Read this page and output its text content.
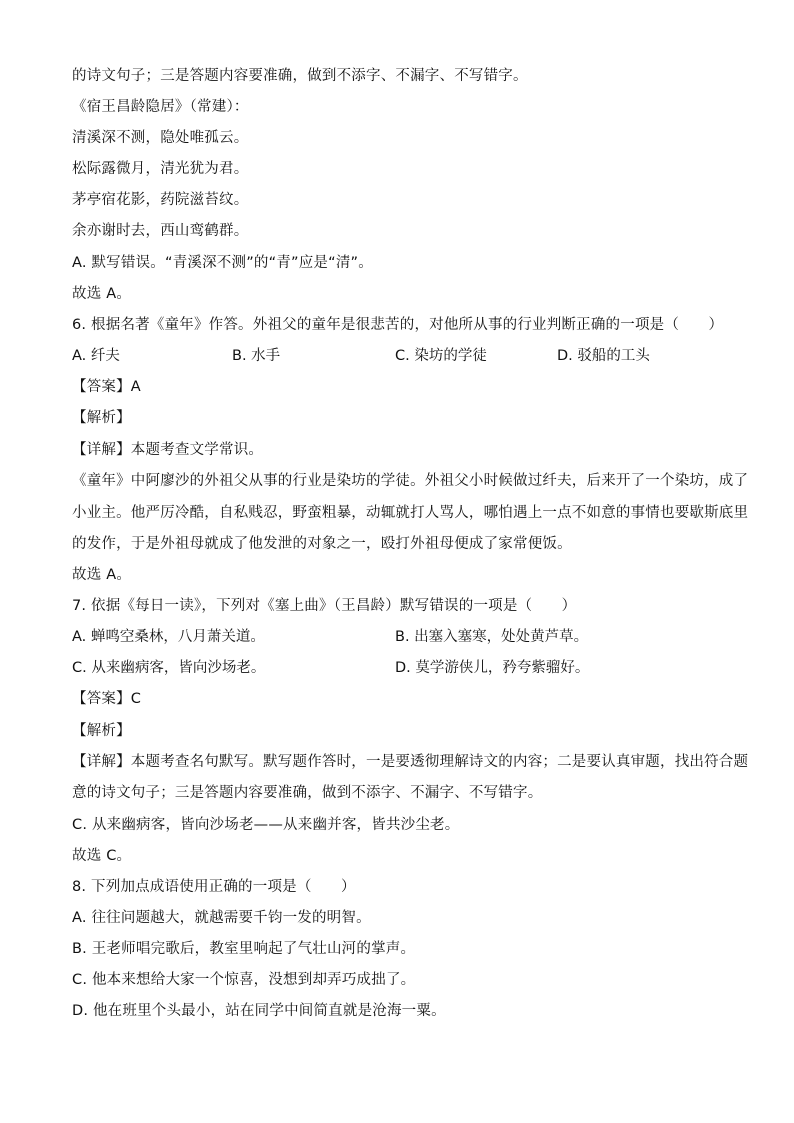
的诗文句子；三是答题内容要准确，做到不添字、不漏字、不写错字。
《宿王昌龄隐居》（常建）：
清溪深不测，隐处唯孤云。
松际露微月，清光犹为君。
茅亭宿花影，药院滋苔纹。
余亦谢时去，西山鸾鹤群。
A. 默写错误。“青溪深不测”的“青”应是“清”。
故选 A。
6. 根据名著《童年》作答。外祖父的童年是很悲苦的，对他所从事的行业判断正确的一项是（　　）
A. 纤夫	B. 水手	C. 染坊的学徒	D. 驳船的工头
【答案】A
【解析】
【详解】本题考查文学常识。
《童年》中阿廖沙的外祖父从事的行业是染坊的学徒。外祖父小时候做过纤夫，后来开了一个染坊，成了
小业主。他严厉冷酷，自私贱忍，野蛮粗暴，动辄就打人骂人，哪怕遇上一点不如意的事情也要歇斯底里
的发作，于是外祖母就成了他发泄的对象之一，殴打外祖母便成了家常便饭。
故选 A。
7. 依据《每日一读》，下列对《塞上曲》（王昌龄）默写错误的一项是（　　）
A. 蝉鸣空桑林，八月萧关道。	B. 出塞入塞寒，处处黄芦草。
C. 从来幽病客，皆向沙场老。	D. 莫学游侠儿，矜夸紫骝好。
【答案】C
【解析】
【详解】本题考查名句默写。默写题作答时，一是要透彻理解诗文的内容；二是要认真审题，找出符合题
意的诗文句子；三是答题内容要准确，做到不添字、不漏字、不写错字。
C. 从来幽病客，皆向沙场老——从来幽并客，皆共沙尘老。
故选 C。
8. 下列加点成语使用正确的一项是（　　）
A. 往往问题越大，就越需要千钧一发的明智。
B. 王老师唱完歌后，教室里响起了气壮山河的掌声。
C. 他本来想给大家一个惊喜，没想到却弄巧成拙了。
D. 他在班里个头最小，站在同学中间简直就是沧海一粟。
